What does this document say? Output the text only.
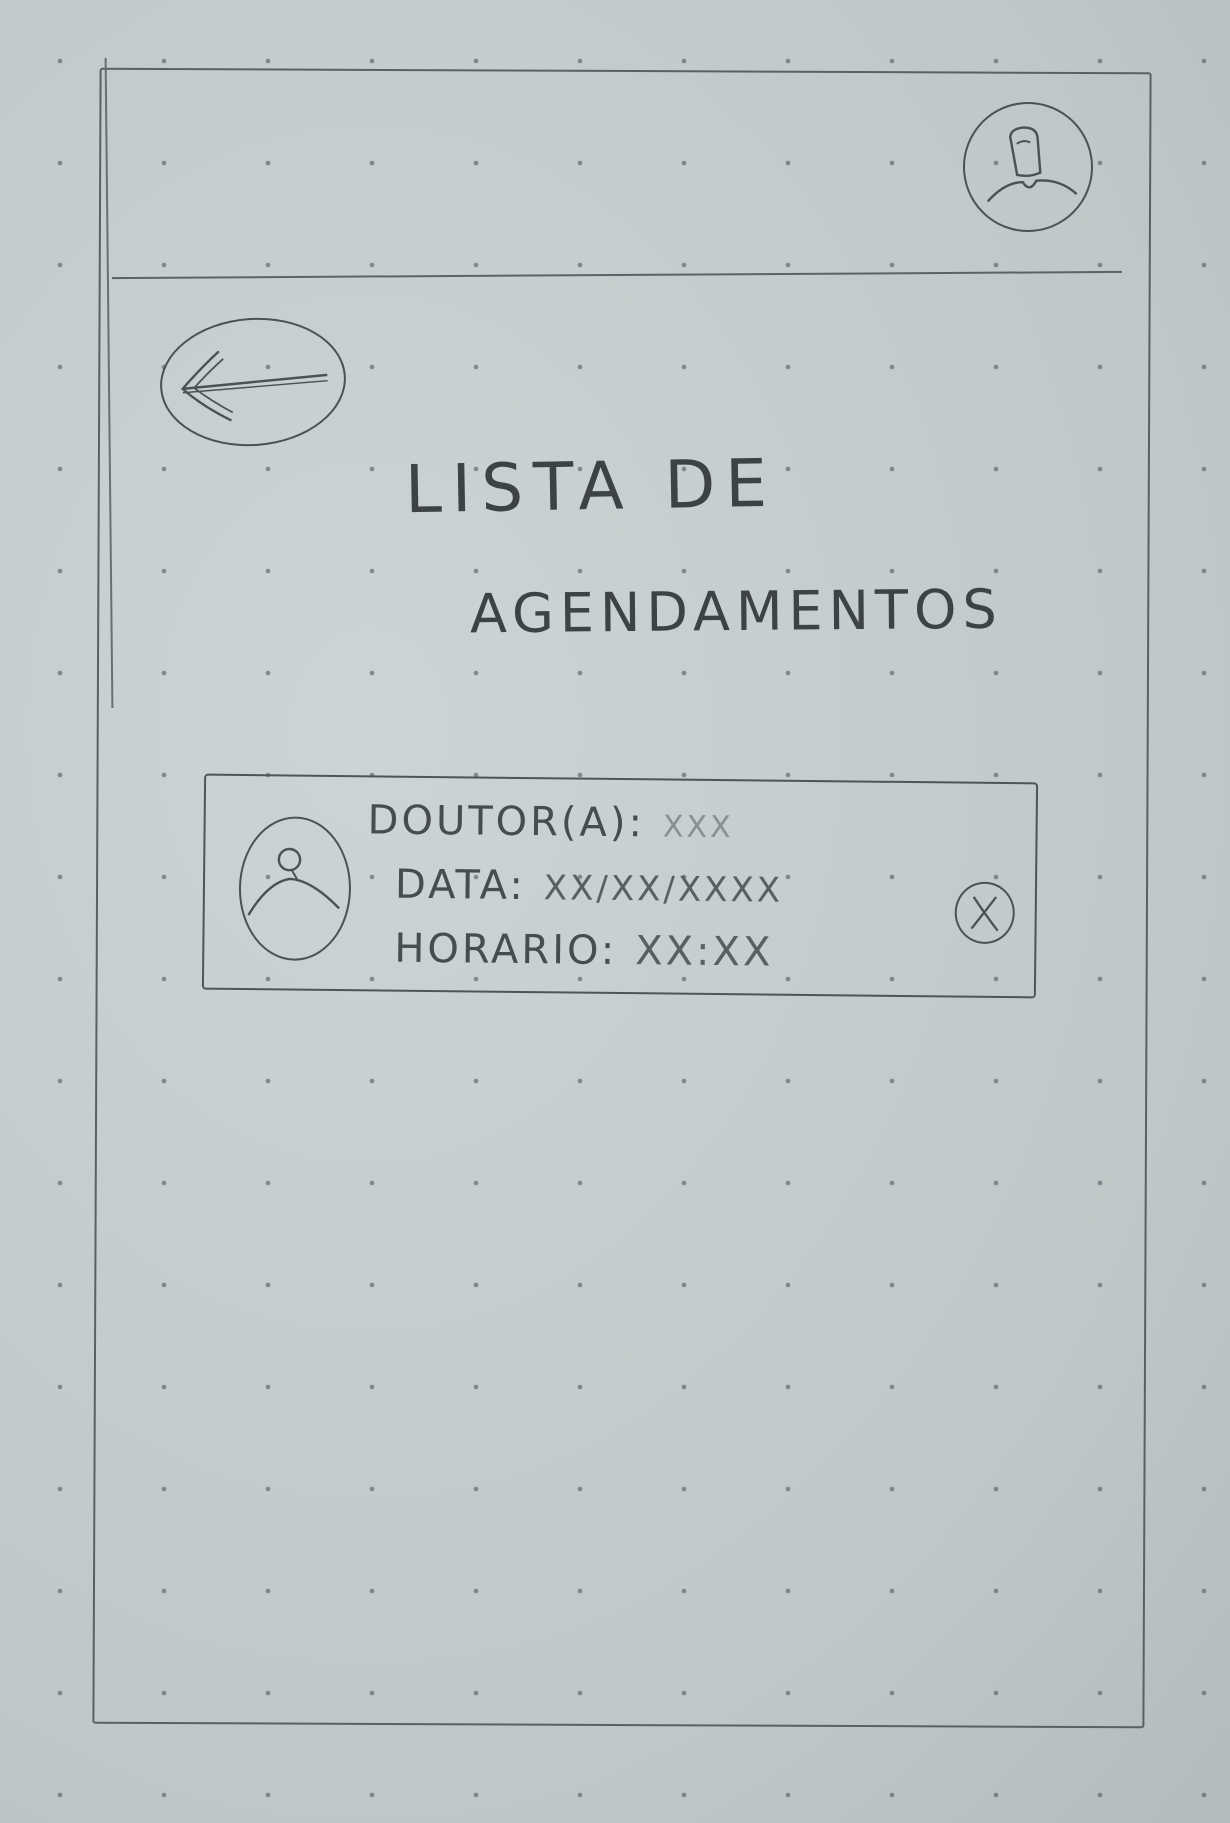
LISTA DE
AGENDAMENTOS
DOUTOR(A): XXX
DATA: XX/XX/XXXX
HORARIO: XX:XX
